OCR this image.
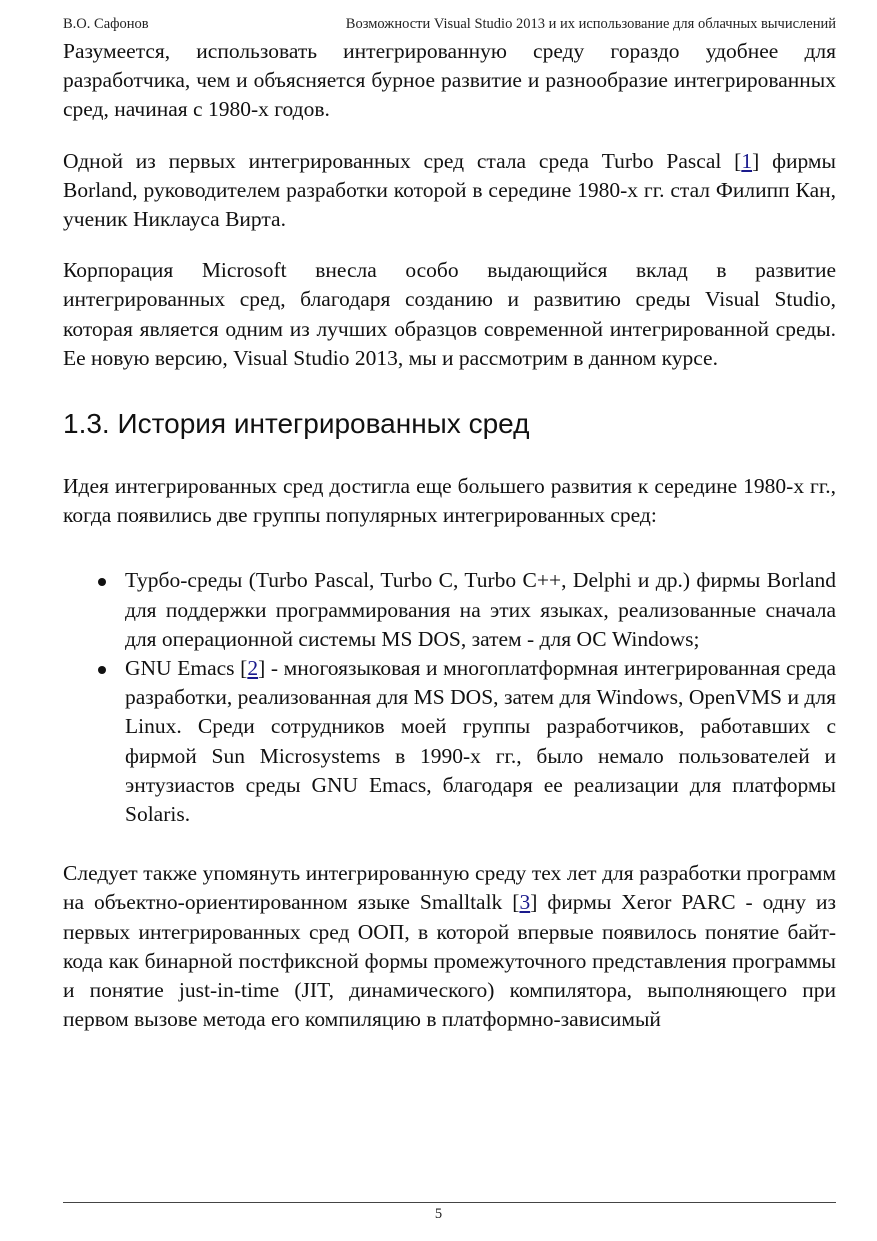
В.О. Сафонов	Возможности Visual Studio 2013 и их использование для облачных вычислений

Разумеется, использовать интегрированную среду гораздо удобнее для разработчика, чем и объясняется бурное развитие и разнообразие интегрированных сред, начиная с 1980-х годов.

Одной из первых интегрированных сред стала среда Turbo Pascal [1] фирмы Borland, руководителем разработки которой в середине 1980-х гг. стал Филипп Кан, ученик Никлауса Вирта.

Корпорация Microsoft внесла особо выдающийся вклад в развитие интегрированных сред, благодаря созданию и развитию среды Visual Studio, которая является одним из лучших образцов современной интегрированной среды. Ее новую версию, Visual Studio 2013, мы и рассмотрим в данном курсе.

1.3. История интегрированных сред

Идея интегрированных сред достигла еще большего развития к середине 1980-х гг., когда появились две группы популярных интегрированных сред:

Турбо-среды (Turbo Pascal, Turbo C, Turbo C++, Delphi и др.) фирмы Borland для поддержки программирования на этих языках, реализованные сначала для операционной системы MS DOS, затем - для ОС Windows;
GNU Emacs [2] - многоязыковая и многоплатформная интегрированная среда разработки, реализованная для MS DOS, затем для Windows, OpenVMS и для Linux. Среди сотрудников моей группы разработчиков, работавших с фирмой Sun Microsystems в 1990-х гг., было немало пользователей и энтузиастов среды GNU Emacs, благодаря ее реализации для платформы Solaris.

Следует также упомянуть интегрированную среду тех лет для разработки программ на объектно-ориентированном языке Smalltalk [3] фирмы Xeror PARC - одну из первых интегрированных сред ООП, в которой впервые появилось понятие байт-кода как бинарной постфиксной формы промежуточного представления программы и понятие just-in-time (JIT, динамического) компилятора, выполняющего при первом вызове метода его компиляцию в платформно-зависимый

5
